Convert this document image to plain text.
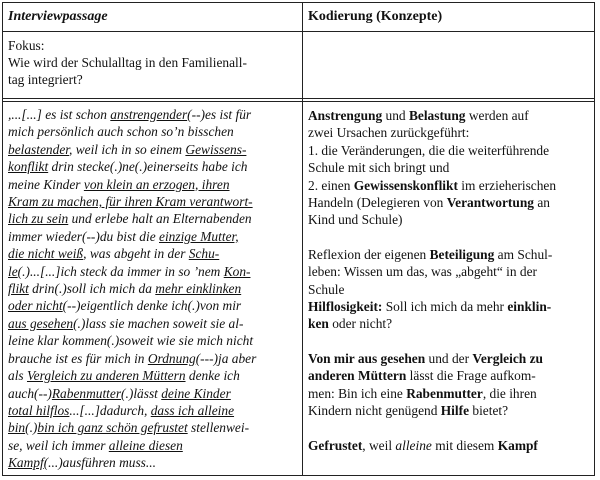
Interviewpassage	Kodierung (Konzepte)
Fokus:
Wie wird der Schulalltag in den Familienall-
tag integriert?
,...[...] es ist schon anstrengender(--)es ist für
mich persönlich auch schon so’n bisschen
belastender, weil ich in so einem Gewissens-
konflikt drin stecke(.)ne(.)einerseits habe ich
meine Kinder von klein an erzogen, ihren
Kram zu machen, für ihren Kram verantwort-
lich zu sein und erlebe halt an Elternabenden
immer wieder(--)du bist die einzige Mutter,
die nicht weiß, was abgeht in der Schu-
le(.)...[...]ich steck da immer in so ’nem Kon-
flikt drin(.)soll ich mich da mehr einklinken
oder nicht(--)eigentlich denke ich(.)von mir
aus gesehen(.)lass sie machen soweit sie al-
leine klar kommen(.)soweit wie sie mich nicht
brauche ist es für mich in Ordnung(---)ja aber
als Vergleich zu anderen Müttern denke ich
auch(--)Rabenmutter(.)lässt deine Kinder
total hilflos...[...]dadurch, dass ich alleine
bin(.)bin ich ganz schön gefrustet stellenwei-
se, weil ich immer alleine diesen
Kampf(...)ausführen muss...
Anstrengung und Belastung werden auf
zwei Ursachen zurückgeführt:
1. die Veränderungen, die die weiterführende
Schule mit sich bringt und
2. einen Gewissenskonflikt im erzieherischen
Handeln (Delegieren von Verantwortung an
Kind und Schule)
Reflexion der eigenen Beteiligung am Schul-
leben: Wissen um das, was „abgeht“ in der
Schule
Hilflosigkeit: Soll ich mich da mehr einklin-
ken oder nicht?
Von mir aus gesehen und der Vergleich zu
anderen Müttern lässt die Frage aufkom-
men: Bin ich eine Rabenmutter, die ihren
Kindern nicht genügend Hilfe bietet?
Gefrustet, weil alleine mit diesem Kampf
